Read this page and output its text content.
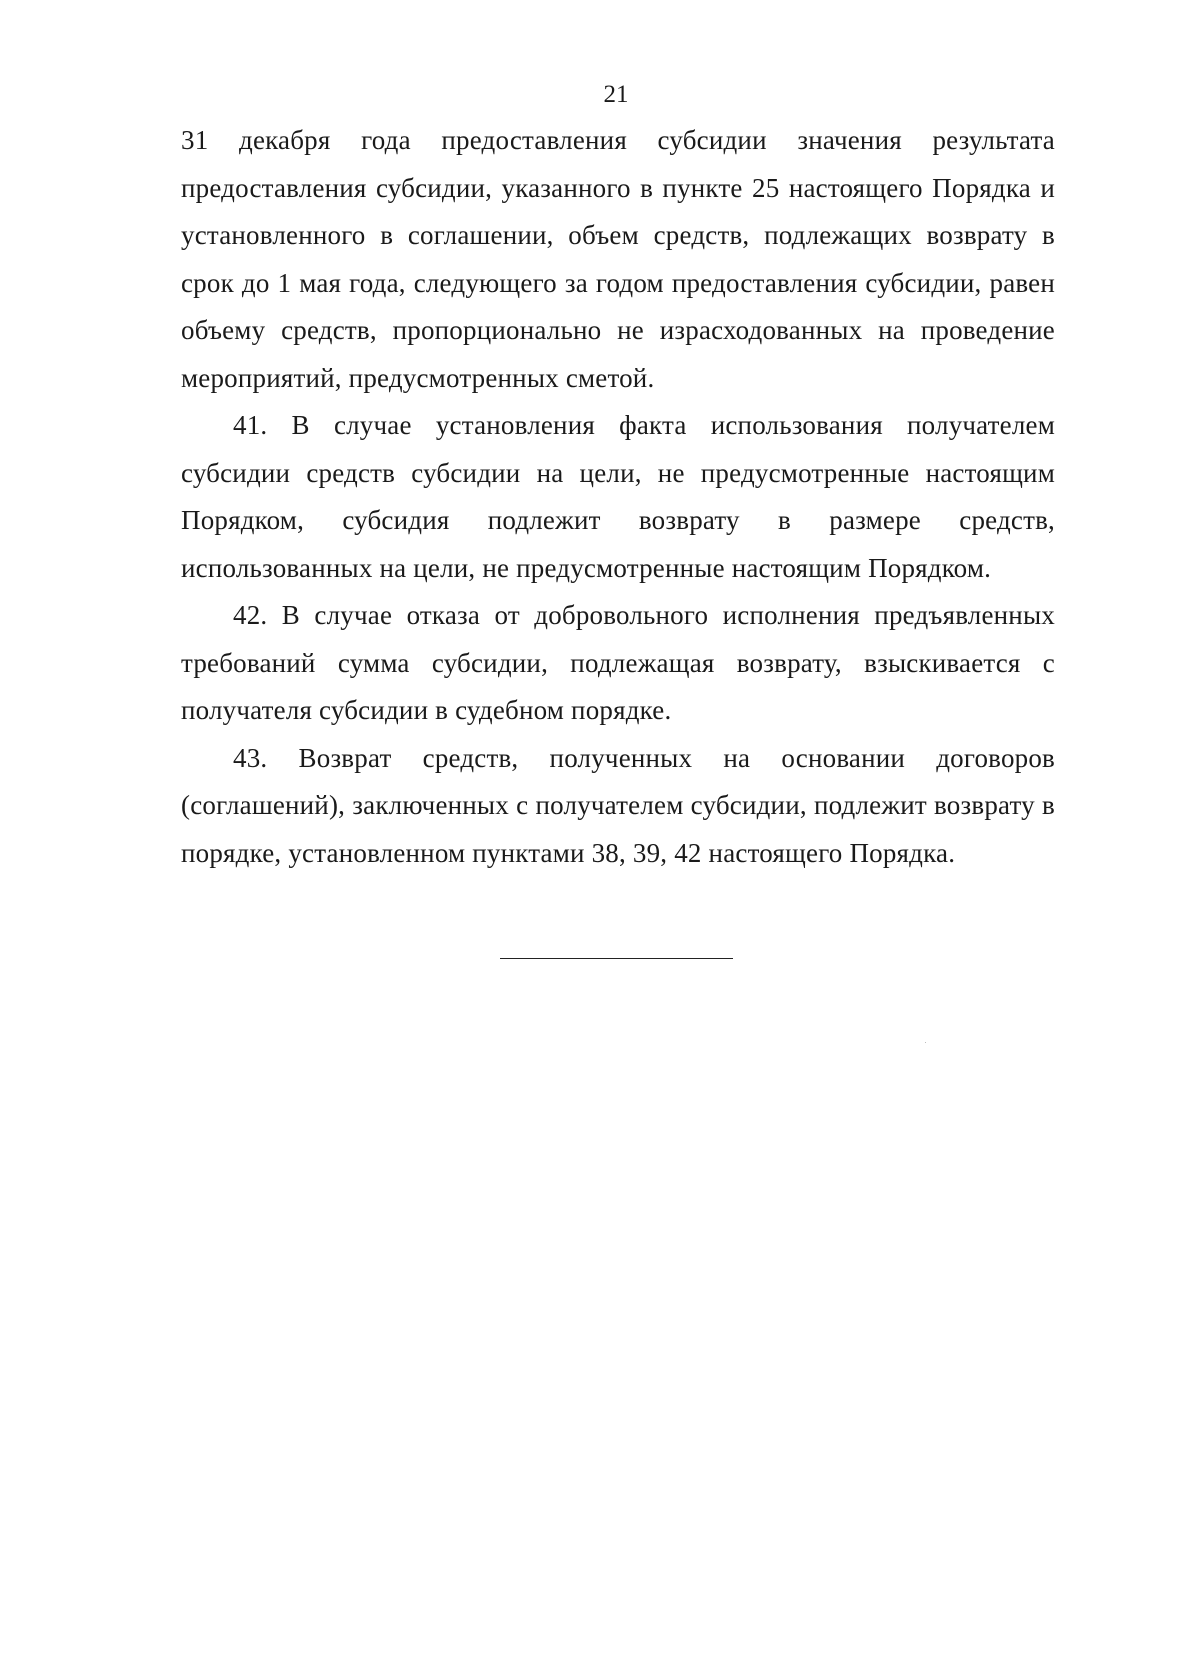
21

31 декабря года предоставления субсидии значения результата предоставления субсидии, указанного в пункте 25 настоящего Порядка и установленного в соглашении, объем средств, подлежащих возврату в срок до 1 мая года, следующего за годом предоставления субсидии, равен объему средств, пропорционально не израсходованных на проведение мероприятий, предусмотренных сметой.

41. В случае установления факта использования получателем субсидии средств субсидии на цели, не предусмотренные настоящим Порядком, субсидия подлежит возврату в размере средств, использованных на цели, не предусмотренные настоящим Порядком.

42. В случае отказа от добровольного исполнения предъявленных требований сумма субсидии, подлежащая возврату, взыскивается с получателя субсидии в судебном порядке.

43. Возврат средств, полученных на основании договоров (соглашений), заключенных с получателем субсидии, подлежит возврату в порядке, установленном пунктами 38, 39, 42 настоящего Порядка.
